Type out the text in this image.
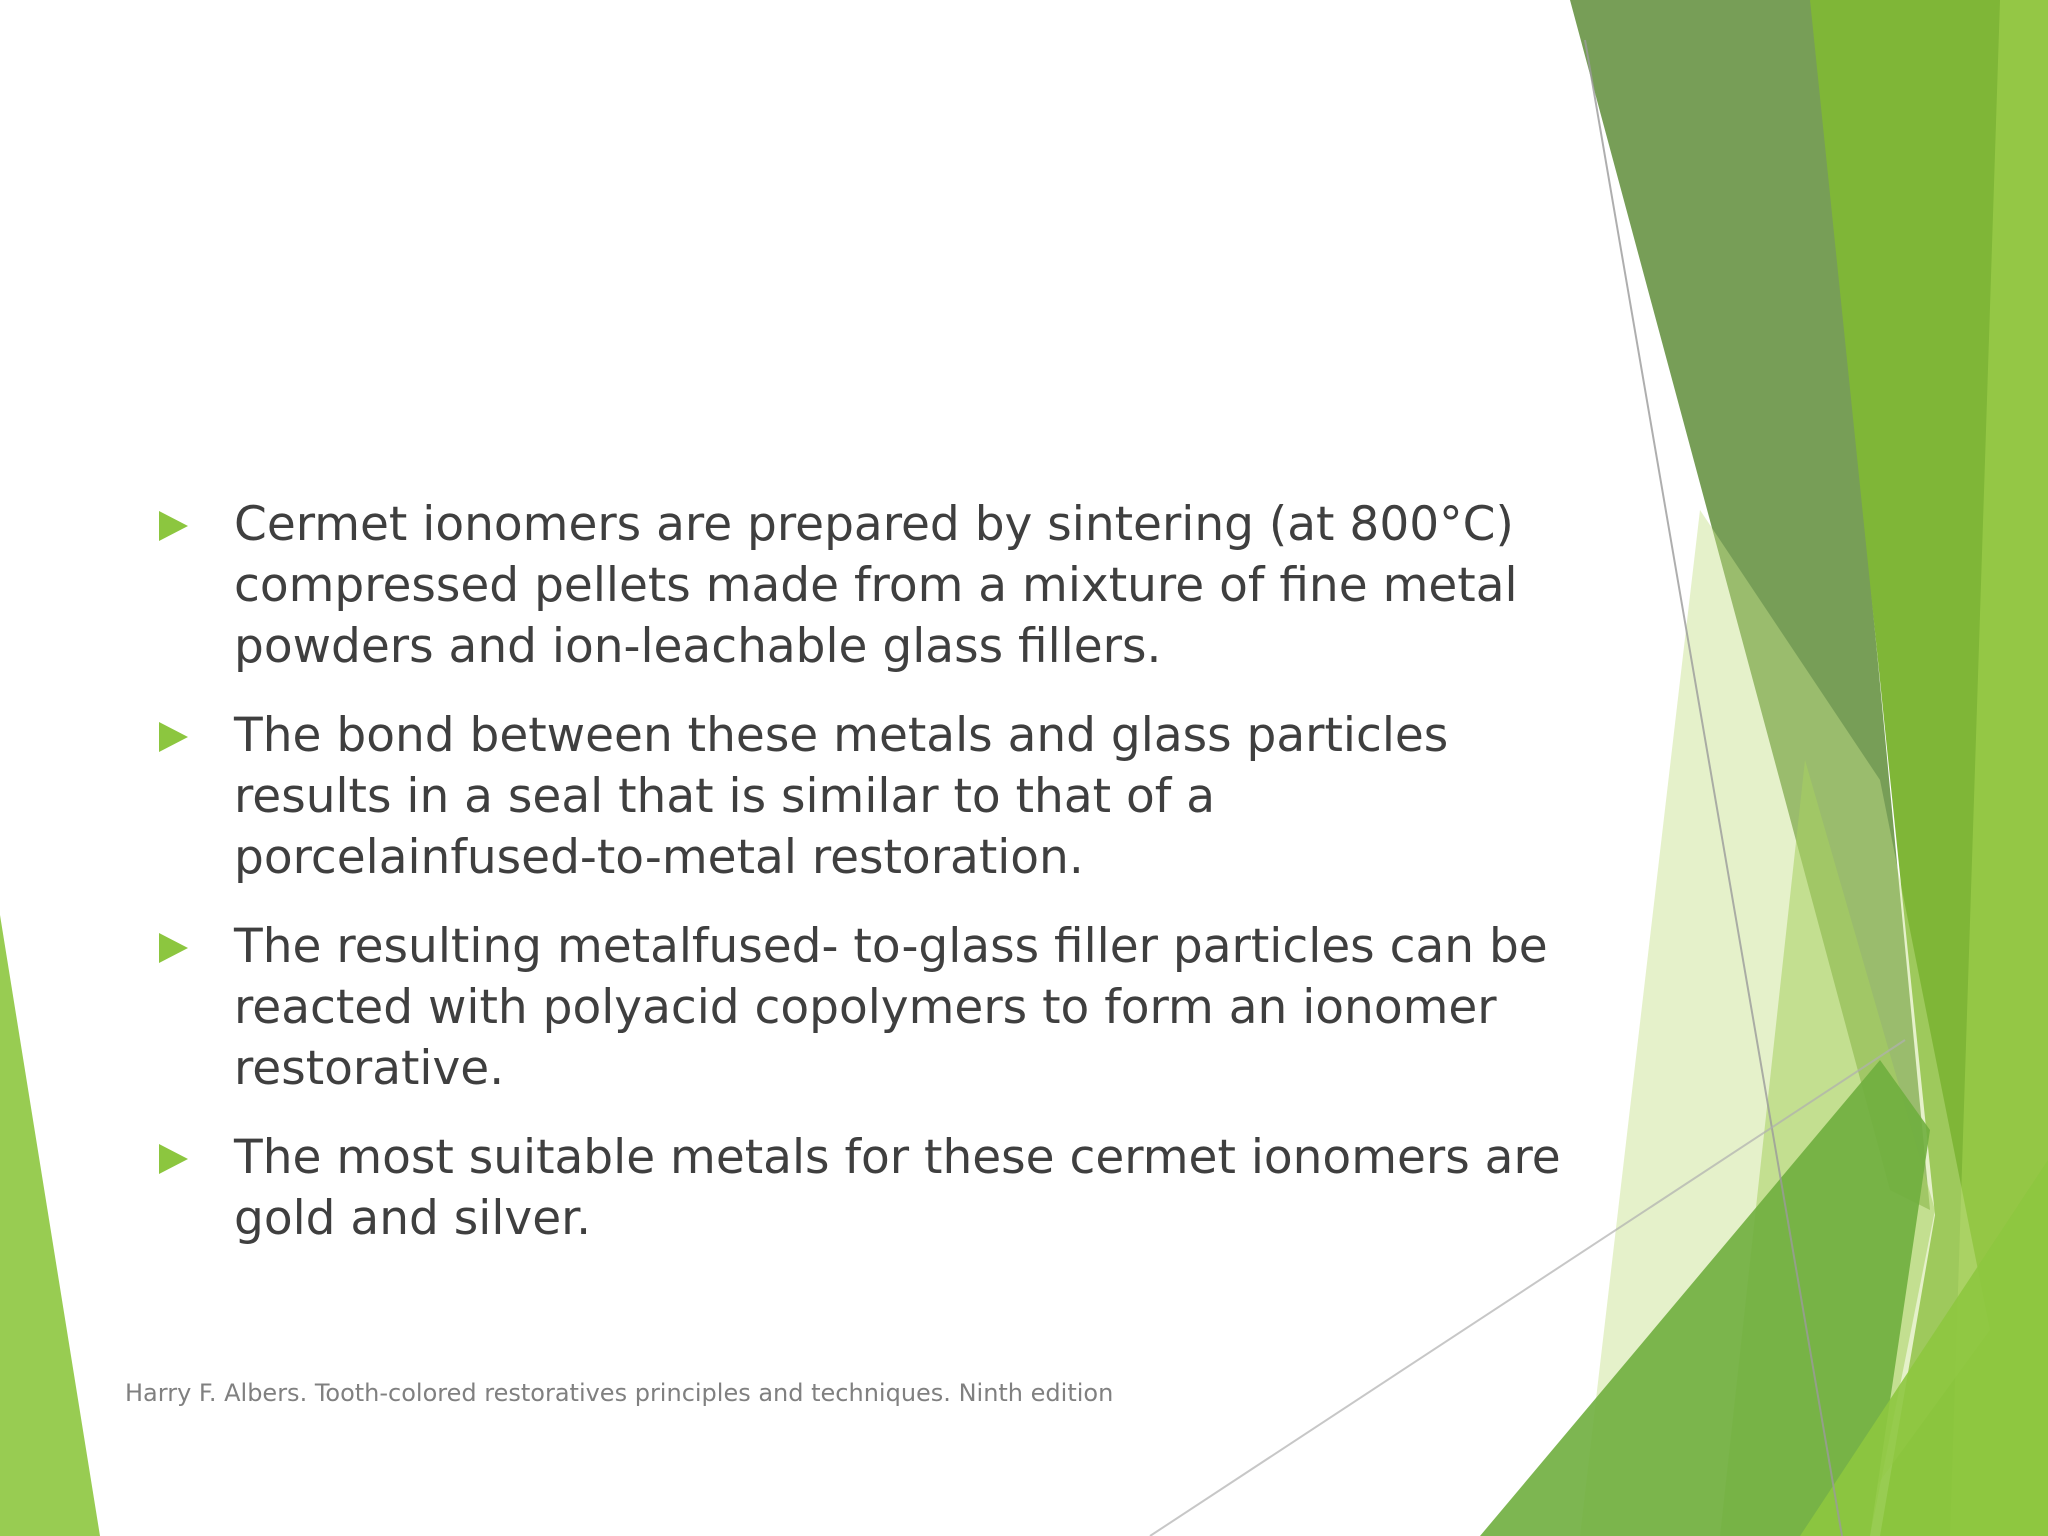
Cermet ionomers are prepared by sintering (at 800°C) compressed pellets made from a mixture of fine metal powders and ion-leachable glass fillers.
The bond between these metals and glass particles results in a seal that is similar to that of a porcelainfused-to-metal restoration.
The resulting metalfused- to-glass filler particles can be reacted with polyacid copolymers to form an ionomer restorative.
The most suitable metals for these cermet ionomers are gold and silver.
Harry F. Albers. Tooth-colored restoratives principles and techniques. Ninth edition
